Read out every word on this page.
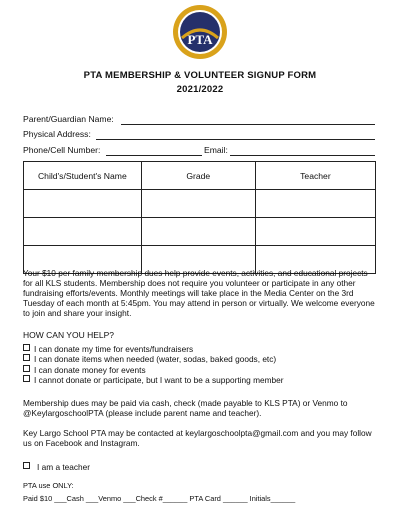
PTA
PTA MEMBERSHIP & VOLUNTEER SIGNUP FORM
2021/2022
Parent/Guardian Name:
Physical Address:
Phone/Cell Number:	Email:
Child's/Student's Name	Grade	Teacher

Your $10 per family membership dues help provide events, activities, and educational projects for all KLS students. Membership does not require you volunteer or participate in any other fundraising efforts/events. Monthly meetings will take place in the Media Center on the 3rd Tuesday of each month at 5:45pm. You may attend in person or virtually. We welcome everyone to join and share your insight.
HOW CAN YOU HELP?
I can donate my time for events/fundraisers
I can donate items when needed (water, sodas, baked goods, etc)
I can donate money for events
I cannot donate or participate, but I want to be a supporting member
Membership dues may be paid via cash, check (made payable to KLS PTA) or Venmo to @KeylargoschoolPTA (please include parent name and teacher).
Key Largo School PTA may be contacted at keylargoschoolpta@gmail.com and you may follow us on Facebook and Instagram.
I am a teacher
PTA use ONLY:
Paid $10 ___Cash ___Venmo ___Check #______ PTA Card ______ Initials______
